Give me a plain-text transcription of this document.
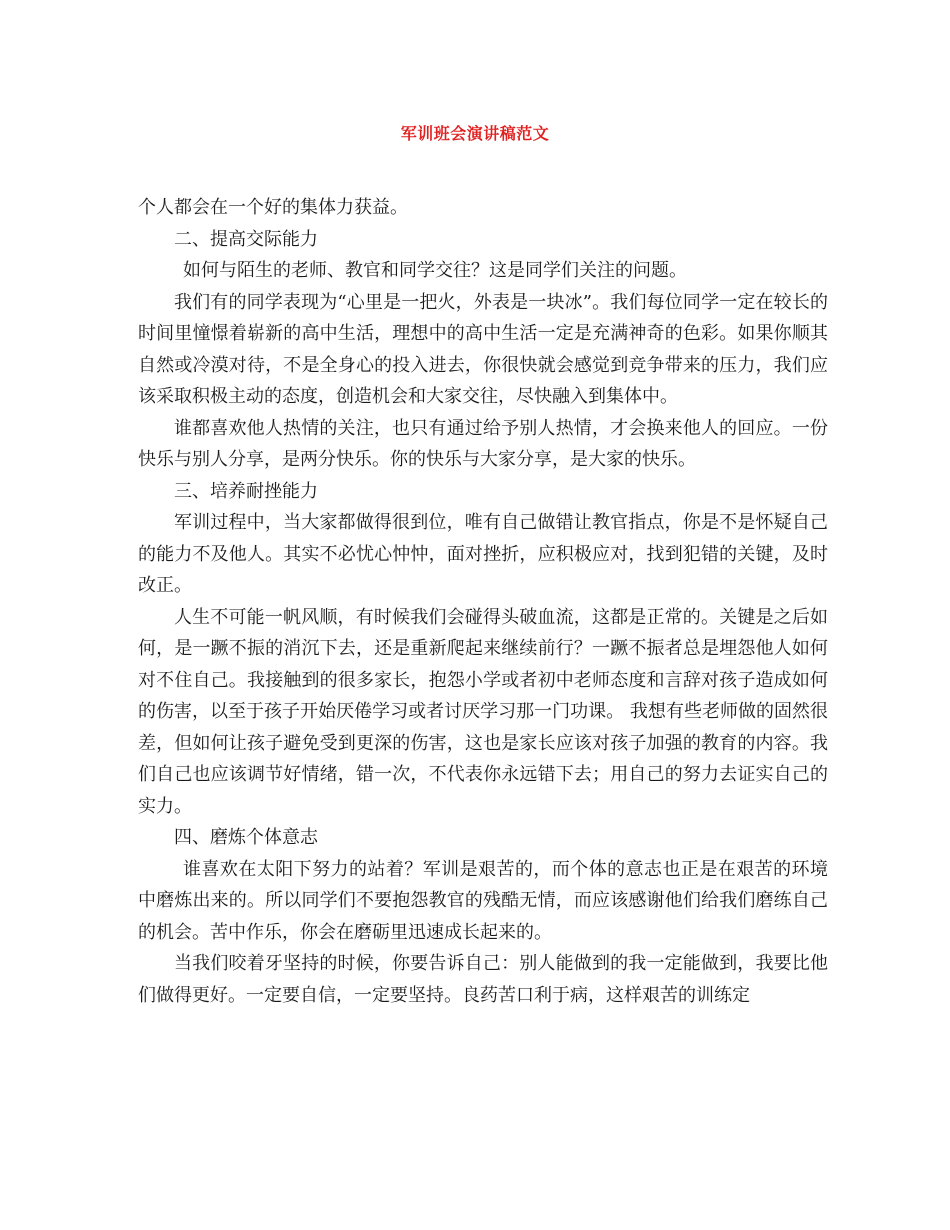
军训班会演讲稿范文

个人都会在一个好的集体力获益。

二、提高交际能力

如何与陌生的老师、教官和同学交往？这是同学们关注的问题。

我们有的同学表现为“心里是一把火，外表是一块冰”。我们每位同学一定在较长的时间里憧憬着崭新的高中生活，理想中的高中生活一定是充满神奇的色彩。如果你顺其自然或冷漠对待，不是全身心的投入进去，你很快就会感觉到竞争带来的压力，我们应该采取积极主动的态度，创造机会和大家交往，尽快融入到集体中。

谁都喜欢他人热情的关注，也只有通过给予别人热情，才会换来他人的回应。一份快乐与别人分享，是两分快乐。你的快乐与大家分享，是大家的快乐。

三、培养耐挫能力

军训过程中，当大家都做得很到位，唯有自己做错让教官指点，你是不是怀疑自己的能力不及他人。其实不必忧心忡忡，面对挫折，应积极应对，找到犯错的关键，及时改正。

人生不可能一帆风顺，有时候我们会碰得头破血流，这都是正常的。关键是之后如何，是一蹶不振的消沉下去，还是重新爬起来继续前行？一蹶不振者总是埋怨他人如何对不住自己。我接触到的很多家长，抱怨小学或者初中老师态度和言辞对孩子造成如何的伤害，以至于孩子开始厌倦学习或者讨厌学习那一门功课。 我想有些老师做的固然很差，但如何让孩子避免受到更深的伤害，这也是家长应该对孩子加强的教育的内容。我们自己也应该调节好情绪，错一次，不代表你永远错下去；用自己的努力去证实自己的实力。

四、磨炼个体意志

谁喜欢在太阳下努力的站着？军训是艰苦的，而个体的意志也正是在艰苦的环境中磨炼出来的。所以同学们不要抱怨教官的残酷无情，而应该感谢他们给我们磨练自己的机会。苦中作乐，你会在磨砺里迅速成长起来的。

当我们咬着牙坚持的时候，你要告诉自己：别人能做到的我一定能做到，我要比他们做得更好。一定要自信，一定要坚持。良药苦口利于病，这样艰苦的训练定
